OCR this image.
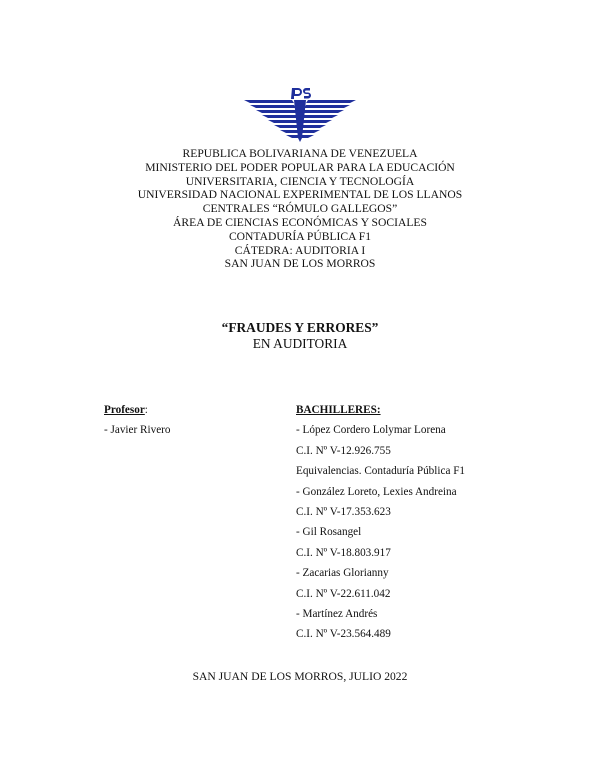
REPUBLICA BOLIVARIANA DE VENEZUELA
MINISTERIO DEL PODER POPULAR PARA LA EDUCACIÓN
UNIVERSITARIA, CIENCIA Y TECNOLOGÍA
UNIVERSIDAD NACIONAL EXPERIMENTAL DE LOS LLANOS
CENTRALES “RÓMULO GALLEGOS”
ÁREA DE CIENCIAS ECONÓMICAS Y SOCIALES
CONTADURÍA PÚBLICA F1
CÁTEDRA: AUDITORIA I
SAN JUAN DE LOS MORROS
“FRAUDES Y ERRORES”
EN AUDITORIA
Profesor:
- Javier Rivero
BACHILLERES:
- López Cordero Lolymar Lorena
C.I. Nº V-12.926.755
Equivalencias. Contaduría Pública F1
- González Loreto, Lexies Andreina
C.I. Nº V-17.353.623
- Gil Rosangel
C.I. Nº V-18.803.917
- Zacarias Glorianny
C.I. Nº V-22.611.042
- Martínez Andrés
C.I. Nº V-23.564.489
SAN JUAN DE LOS MORROS, JULIO 2022
